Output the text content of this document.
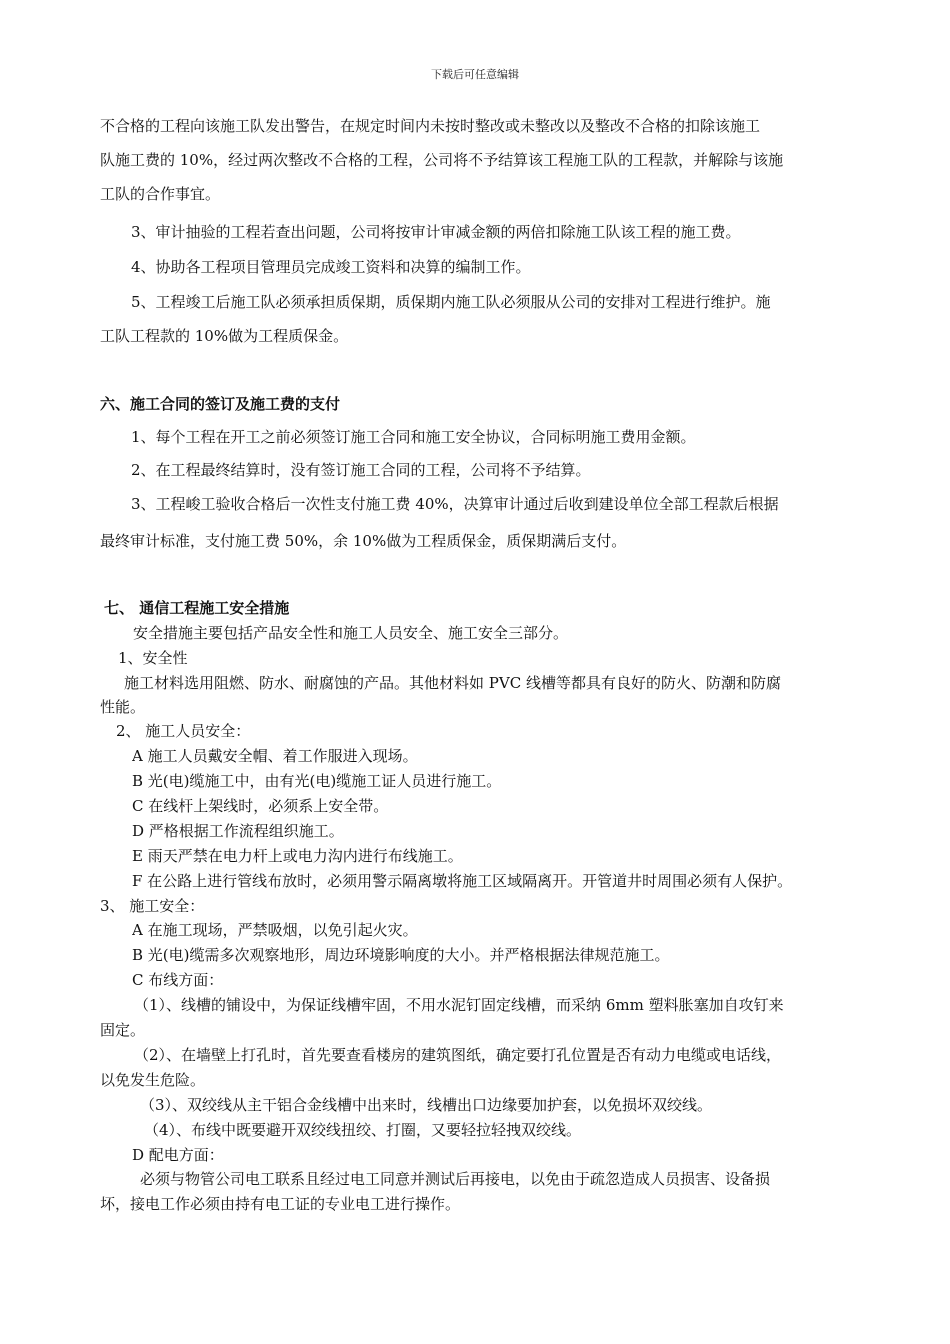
下载后可任意编辑
不合格的工程向该施工队发出警告，在规定时间内未按时整改或未整改以及整改不合格的扣除该施工
队施工费的 10%，经过两次整改不合格的工程，公司将不予结算该工程施工队的工程款，并解除与该施
工队的合作事宜。
3、审计抽验的工程若查出问题，公司将按审计审减金额的两倍扣除施工队该工程的施工费。
4、协助各工程项目管理员完成竣工资料和决算的编制工作。
5、工程竣工后施工队必须承担质保期，质保期内施工队必须服从公司的安排对工程进行维护。施
工队工程款的 10%做为工程质保金。
六、施工合同的签订及施工费的支付
1、每个工程在开工之前必须签订施工合同和施工安全协议，合同标明施工费用金额。
2、在工程最终结算时，没有签订施工合同的工程，公司将不予结算。
3、工程峻工验收合格后一次性支付施工费 40%，决算审计通过后收到建设单位全部工程款后根据
最终审计标准，支付施工费 50%，余 10%做为工程质保金，质保期满后支付。
七、 通信工程施工安全措施
安全措施主要包括产品安全性和施工人员安全、施工安全三部分。
1、安全性
施工材料选用阻燃、防水、耐腐蚀的产品。其他材料如 PVC 线槽等都具有良好的防火、防潮和防腐
性能。
2、 施工人员安全：
A 施工人员戴安全帽、着工作服进入现场。
B 光(电)缆施工中，由有光(电)缆施工证人员进行施工。
C 在线杆上架线时，必须系上安全带。
D 严格根据工作流程组织施工。
E 雨天严禁在电力杆上或电力沟内进行布线施工。
F 在公路上进行管线布放时，必须用警示隔离墩将施工区域隔离开。开管道井时周围必须有人保护。
3、 施工安全：
A 在施工现场，严禁吸烟，以免引起火灾。
B 光(电)缆需多次观察地形，周边环境影响度的大小。并严格根据法律规范施工。
C 布线方面：
（1）、线槽的铺设中，为保证线槽牢固，不用水泥钉固定线槽，而采纳 6mm 塑料胀塞加自攻钉来
固定。
（2）、在墙壁上打孔时，首先要查看楼房的建筑图纸，确定要打孔位置是否有动力电缆或电话线，
以免发生危险。
（3）、双绞线从主干铝合金线槽中出来时，线槽出口边缘要加护套，以免损坏双绞线。
（4）、布线中既要避开双绞线扭绞、打圈，又要轻拉轻拽双绞线。
D 配电方面：
必须与物管公司电工联系且经过电工同意并测试后再接电，以免由于疏忽造成人员损害、设备损
坏，接电工作必须由持有电工证的专业电工进行操作。
